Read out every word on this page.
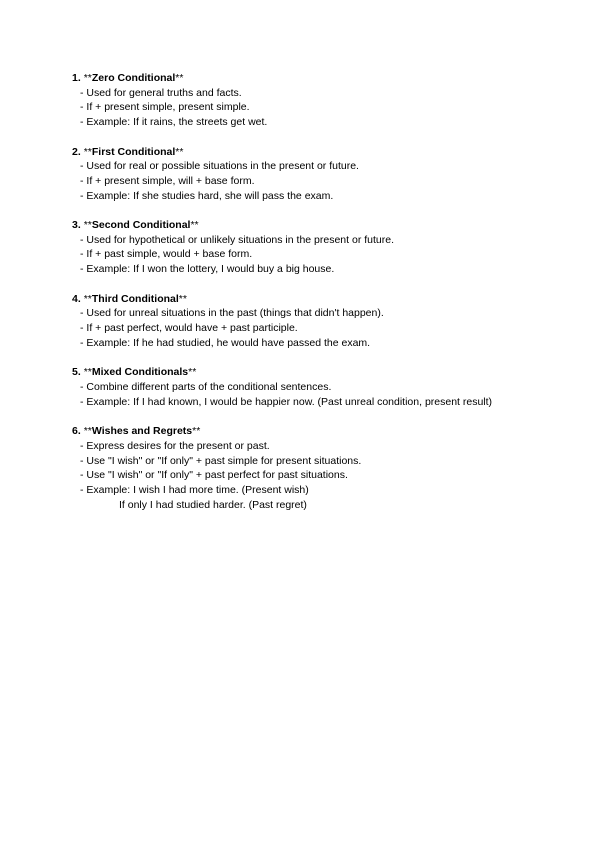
1. **Zero Conditional**
- Used for general truths and facts.
- If + present simple, present simple.
- Example: If it rains, the streets get wet.
2. **First Conditional**
- Used for real or possible situations in the present or future.
- If + present simple, will + base form.
- Example: If she studies hard, she will pass the exam.
3. **Second Conditional**
- Used for hypothetical or unlikely situations in the present or future.
- If + past simple, would + base form.
- Example: If I won the lottery, I would buy a big house.
4. **Third Conditional**
- Used for unreal situations in the past (things that didn't happen).
- If + past perfect, would have + past participle.
- Example: If he had studied, he would have passed the exam.
5. **Mixed Conditionals**
- Combine different parts of the conditional sentences.
- Example: If I had known, I would be happier now. (Past unreal condition, present result)
6. **Wishes and Regrets**
- Express desires for the present or past.
- Use "I wish" or "If only" + past simple for present situations.
- Use "I wish" or "If only" + past perfect for past situations.
- Example: I wish I had more time. (Present wish)
If only I had studied harder. (Past regret)
